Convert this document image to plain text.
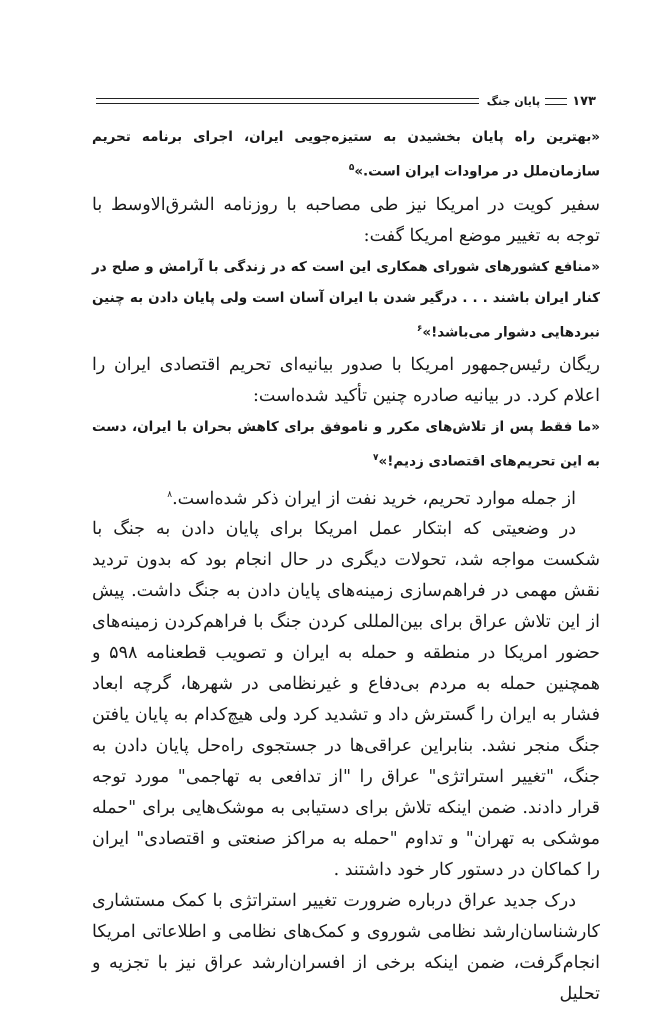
۱۷۳
پایان جنگ

«بهترین راه پایان بخشیدن به ستیزه‌جویی ایران، اجرای برنامه تحریم سازمان‌ملل در مراودات ایران است.»$^۵$

سفیر کویت در امریکا نیز طی مصاحبه با روزنامه الشرق‌الاوسط با توجه به تغییر موضع امریکا گفت:

«منافع کشورهای شورای همکاری این است که در زندگی با آرامش و صلح در کنار ایران باشند . . . درگیر شدن با ایران آسان است ولی پایان دادن به چنین نبردهایی دشوار می‌باشد!»$^۶$

ریگان رئیس‌جمهور امریکا با صدور بیانیه‌ای تحریم اقتصادی ایران را اعلام کرد. در بیانیه صادره چنین تأکید شده‌است:

«ما فقط پس از تلاش‌های مکرر و ناموفق برای کاهش بحران با ایران، دست به این تحریم‌های اقتصادی زدیم!»$^۷$

از جمله موارد تحریم، خرید نفت از ایران ذکر شده‌است.$^۸$

در وضعیتی که ابتکار عمل امریکا برای پایان دادن به جنگ با شکست مواجه شد، تحولات دیگری در حال انجام بود که بدون تردید نقش مهمی در فراهم‌سازی زمینه‌های پایان دادن به جنگ داشت. پیش از این تلاش عراق برای بین‌المللی کردن جنگ با فراهم‌کردن زمینه‌های حضور امریکا در منطقه و حمله به ایران و تصویب قطعنامه ۵۹۸ و همچنین حمله به مردم بی‌دفاع و غیرنظامی در شهرها، گرچه ابعاد فشار به ایران را گسترش داد و تشدید کرد ولی هیچ‌کدام به پایان یافتن جنگ منجر نشد. بنابراین عراقی‌ها در جستجوی راه‌حل پایان دادن به جنگ، "تغییر استراتژی" عراق را "از تدافعی به تهاجمی" مورد توجه قرار دادند. ضمن اینکه تلاش برای دستیابی به موشک‌هایی برای "حمله موشکی به تهران" و تداوم "حمله به مراکز صنعتی و اقتصادی" ایران را کماکان در دستور کار خود داشتند .

درک جدید عراق درباره ضرورت تغییر استراتژی با کمک مستشاری کارشناسان‌ارشد نظامی شوروی و کمک‌های نظامی و اطلاعاتی امریکا انجام‌گرفت، ضمن اینکه برخی از افسران‌ارشد عراق نیز با تجزیه و تحلیل
